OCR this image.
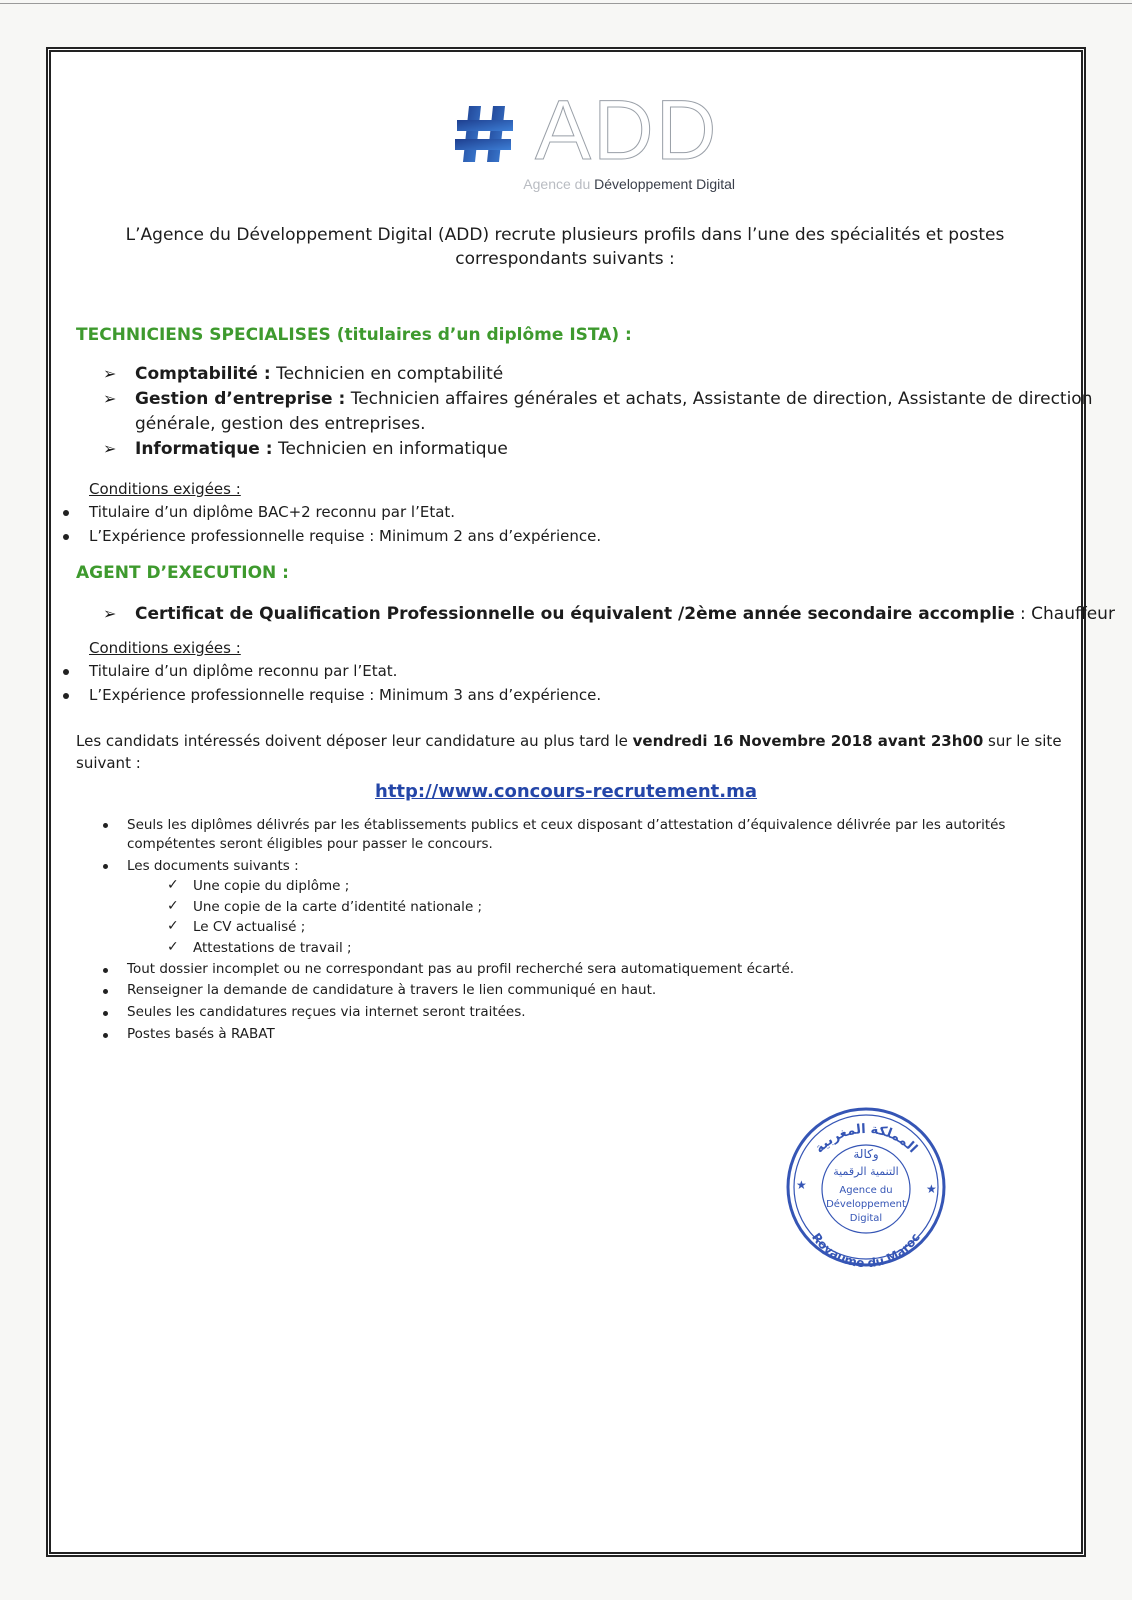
ADD
Agence du Développement Digital
L’Agence du Développement Digital (ADD) recrute plusieurs profils dans l’une des spécialités et postes correspondants suivants :
TECHNICIENS SPECIALISES (titulaires d’un diplôme ISTA) :
➢ Comptabilité : Technicien en comptabilité
➢ Gestion d’entreprise : Technicien affaires générales et achats, Assistante de direction, Assistante de direction
générale, gestion des entreprises.
➢ Informatique : Technicien en informatique
Conditions exigées :
Titulaire d’un diplôme BAC+2 reconnu par l’Etat.
L’Expérience professionnelle requise : Minimum 2 ans d’expérience.
AGENT D’EXECUTION :
➢ Certificat de Qualification Professionnelle ou équivalent /2ème année secondaire accomplie : Chauffeur
Conditions exigées :
Titulaire d’un diplôme reconnu par l’Etat.
L’Expérience professionnelle requise : Minimum 3 ans d’expérience.
Les candidats intéressés doivent déposer leur candidature au plus tard le vendredi 16 Novembre 2018 avant 23h00 sur le site
suivant :
http://www.concours-recrutement.ma
Seuls les diplômes délivrés par les établissements publics et ceux disposant d’attestation d’équivalence délivrée par les autorités
compétentes seront éligibles pour passer le concours.
Les documents suivants :
✓ Une copie du diplôme ;
✓ Une copie de la carte d’identité nationale ;
✓ Le CV actualisé ;
✓ Attestations de travail ;
Tout dossier incomplet ou ne correspondant pas au profil recherché sera automatiquement écarté.
Renseigner la demande de candidature à travers le lien communiqué en haut.
Seules les candidatures reçues via internet seront traitées.
Postes basés à RABAT
المملكة المغربية
Royaume du Maroc
وكالة
التنمية الرقمية
Agence du
Développement
Digital
★	★
